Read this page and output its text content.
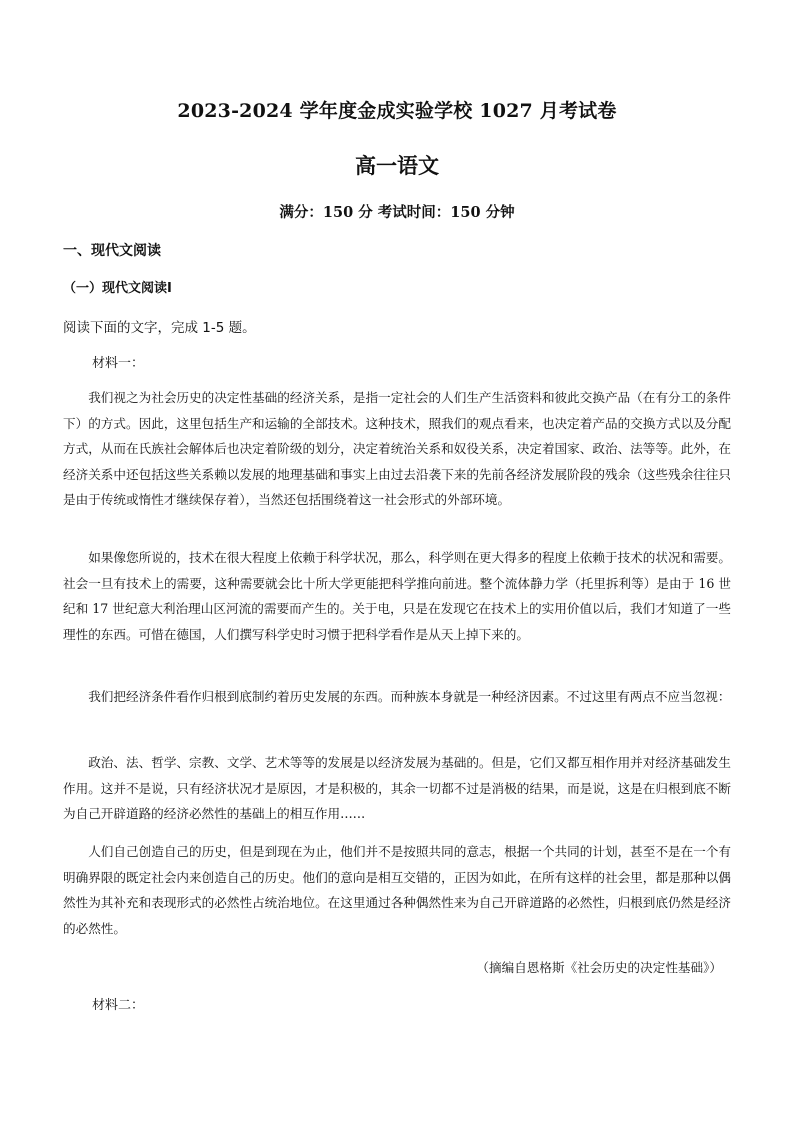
2023-2024 学年度金成实验学校 1027 月考试卷
高一语文
满分：150 分 考试时间：150 分钟
一、现代文阅读
（一）现代文阅读Ⅰ
阅读下面的文字，完成 1-5 题。
材料一：

我们视之为社会历史的决定性基础的经济关系，是指一定社会的人们生产生活资料和彼此交换产品（在有分工的条件下）的方式。因此，这里包括生产和运输的全部技术。这种技术，照我们的观点看来，也决定着产品的交换方式以及分配方式，从而在氏族社会解体后也决定着阶级的划分，决定着统治关系和奴役关系，决定着国家、政治、法等等。此外，在经济关系中还包括这些关系赖以发展的地理基础和事实上由过去沿袭下来的先前各经济发展阶段的残余（这些残余往往只是由于传统或惰性才继续保存着），当然还包括围绕着这一社会形式的外部环境。

如果像您所说的，技术在很大程度上依赖于科学状况，那么，科学则在更大得多的程度上依赖于技术的状况和需要。社会一旦有技术上的需要，这种需要就会比十所大学更能把科学推向前进。整个流体静力学（托里拆利等）是由于 16 世纪和 17 世纪意大利治理山区河流的需要而产生的。关于电，只是在发现它在技术上的实用价值以后，我们才知道了一些理性的东西。可惜在德国，人们撰写科学史时习惯于把科学看作是从天上掉下来的。

我们把经济条件看作归根到底制约着历史发展的东西。而种族本身就是一种经济因素。不过这里有两点不应当忽视：

政治、法、哲学、宗教、文学、艺术等等的发展是以经济发展为基础的。但是，它们又都互相作用并对经济基础发生作用。这并不是说，只有经济状况才是原因，才是积极的，其余一切都不过是消极的结果，而是说，这是在归根到底不断为自己开辟道路的经济必然性的基础上的相互作用……

人们自己创造自己的历史，但是到现在为止，他们并不是按照共同的意志，根据一个共同的计划，甚至不是在一个有明确界限的既定社会内来创造自己的历史。他们的意向是相互交错的，正因为如此，在所有这样的社会里，都是那种以偶然性为其补充和表现形式的必然性占统治地位。在这里通过各种偶然性来为自己开辟道路的必然性，归根到底仍然是经济的必然性。

（摘编自恩格斯《社会历史的决定性基础》）
材料二：
